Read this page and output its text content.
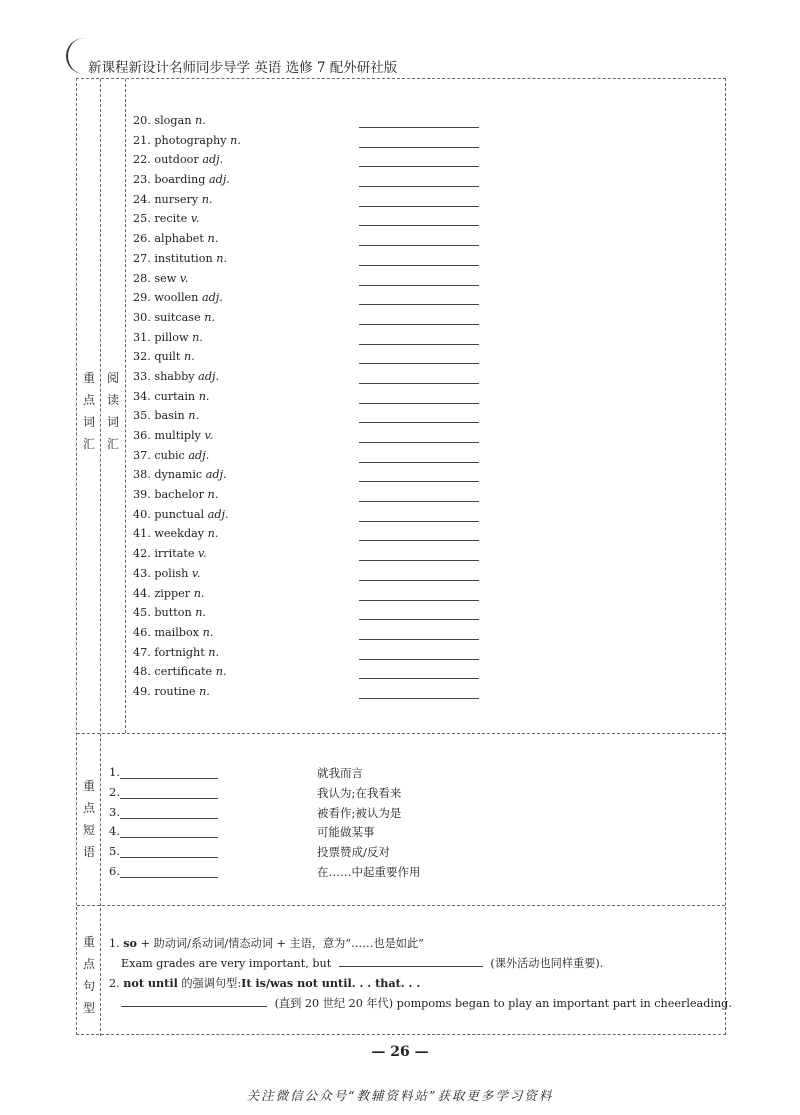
新课程新设计名师同步导学 英语 选修 7 配外研社版
重
点
词
汇
阅
读
词
汇
20. slogan n.
21. photography n.
22. outdoor adj.
23. boarding adj.
24. nursery n.
25. recite v.
26. alphabet n.
27. institution n.
28. sew v.
29. woollen adj.
30. suitcase n.
31. pillow n.
32. quilt n.
33. shabby adj.
34. curtain n.
35. basin n.
36. multiply v.
37. cubic adj.
38. dynamic adj.
39. bachelor n.
40. punctual adj.
41. weekday n.
42. irritate v.
43. polish v.
44. zipper n.
45. button n.
46. mailbox n.
47. fortnight n.
48. certificate n.
49. routine n.
重
点
短
语
1.	就我而言
2.	我认为;在我看来
3.	被看作;被认为是
4.	可能做某事
5.	投票赞成/反对
6.	在……中起重要作用
重
点
句
型
1. so + 助动词/系动词/情态动词 + 主语，意为“……也是如此”
Exam grades are very important, but	(课外活动也同样重要).
2. not until 的强调句型:It is/was not until. . . that. . .
(直到 20 世纪 20 年代) pompoms began to play an important part in cheerleading.
— 26 —
关注微信公众号“教辅资料站”获取更多学习资料
